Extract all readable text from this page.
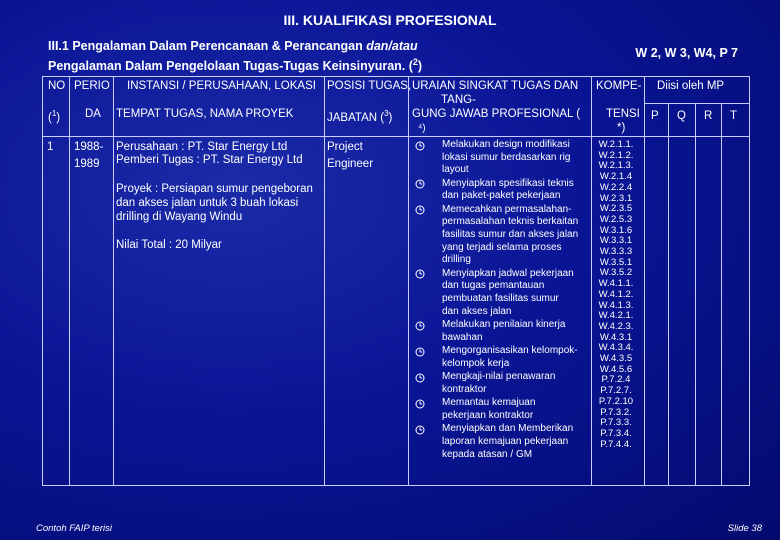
III. KUALIFIKASI PROFESIONAL
III.1 Pengalaman Dalam Perencanaan & Perancangan dan/atau
Pengalaman Dalam Pengelolaan Tugas-Tugas Keinsinyuran. ($^2$)
W 2, W 3, W4, P 7
NO
($^1$)
PERIO
DA
INSTANSI / PERUSAHAAN, LOKASI
TEMPAT TUGAS, NAMA PROYEK
POSISI TUGAS,
JABATAN ($^3$)
URAIAN SINGKAT TUGAS DAN
TANG-
GUNG JAWAB PROFESIONAL (
⁴)
KOMPE-
TENSI
*)
Diisi oleh MP
P Q R T
1 1988-
1989
Perusahaan : PT. Star Energy Ltd
Pemberi Tugas : PT. Star Energy Ltd
Proyek : Persiapan sumur pengeboran
dan akses jalan untuk 3 buah lokasi
drilling di Wayang Windu
Nilai Total : 20 Milyar
Project
Engineer
Melakukan design modifikasi
lokasi sumur berdasarkan rig
layout
Menyiapkan spesifikasi teknis
dan paket-paket pekerjaan
Memecahkan permasalahan-
permasalahan teknis berkaitan
fasilitas sumur dan akses jalan
yang terjadi selama proses
drilling
Menyiapkan jadwal pekerjaan
dan tugas pemantauan
pembuatan fasilitas sumur
dan akses jalan
Melakukan penilaian kinerja
bawahan
Mengorganisasikan kelompok-
kelompok kerja
Mengkaji-nilai penawaran
kontraktor
Memantau kemajuan
pekerjaan kontraktor
Menyiapkan dan Memberikan
laporan kemajuan pekerjaan
kepada atasan / GM
W.2.1.1.
W.2.1.2.
W.2.1.3.
W.2.1.4
W.2.2.4
W.2.3.1
W.2.3.5
W.2.5.3
W.3.1.6
W.3.3.1
W.3.3.3
W.3.5.1
W.3.5.2
W.4.1.1.
W.4.1.2.
W.4.1.3.
W.4.2.1.
W.4.2.3.
W.4.3.1
W.4.3.4.
W.4.3.5
W.4.5.6
P.7.2.4
P.7.2.7.
P.7.2.10
P.7.3.2.
P.7.3.3.
P.7.3.4.
P.7.4.4.
Contoh FAIP terisi	Slide 38
